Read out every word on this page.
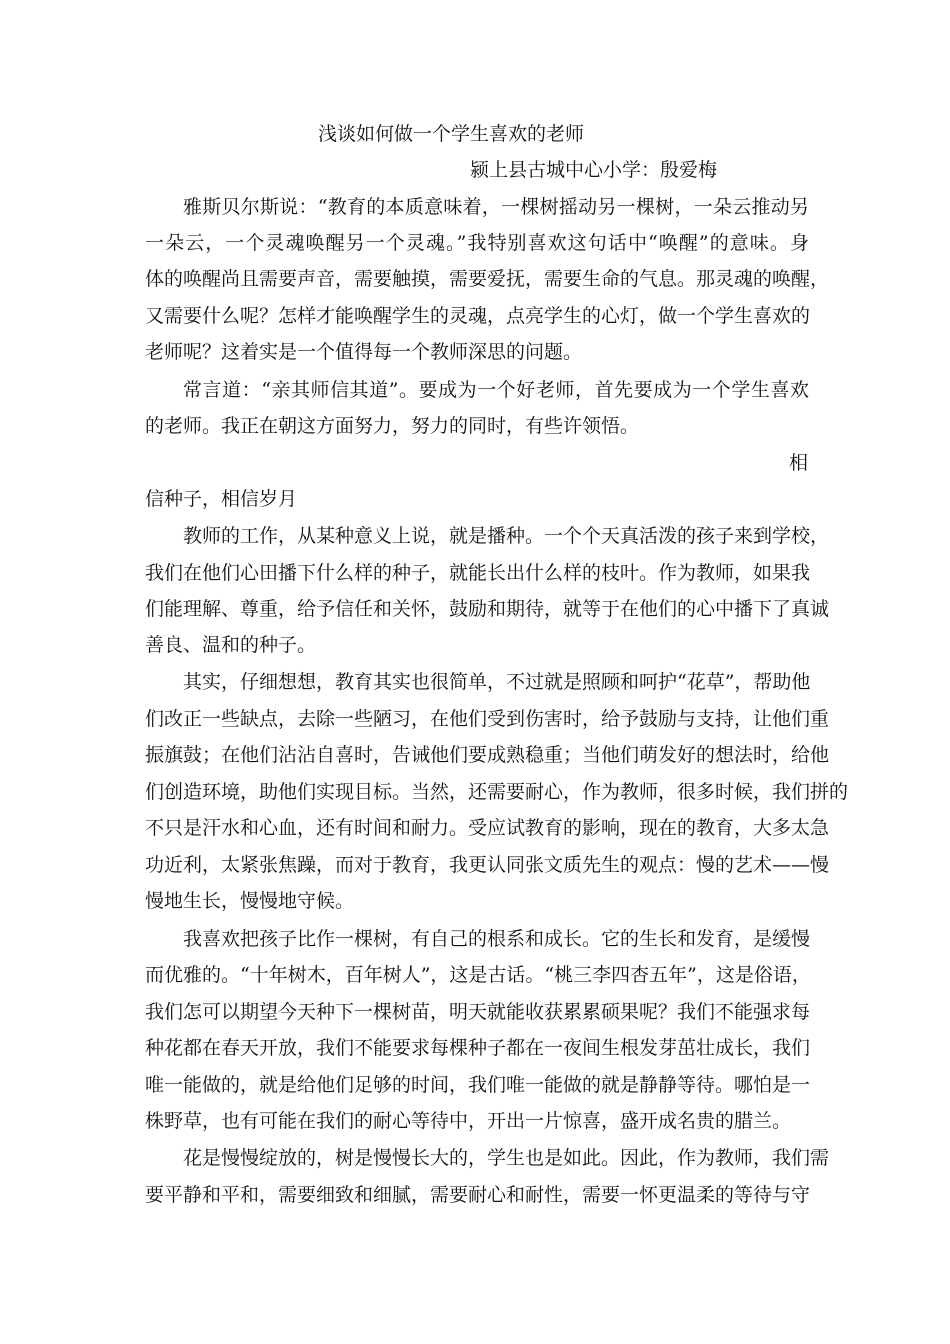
浅谈如何做一个学生喜欢的老师
颍上县古城中心小学：殷爱梅
雅斯贝尔斯说：“教育的本质意味着，一棵树摇动另一棵树，一朵云推动另
一朵云，一个灵魂唤醒另一个灵魂。”我特别喜欢这句话中“唤醒”的意味。身
体的唤醒尚且需要声音，需要触摸，需要爱抚，需要生命的气息。那灵魂的唤醒，
又需要什么呢？怎样才能唤醒学生的灵魂，点亮学生的心灯，做一个学生喜欢的
老师呢？这着实是一个值得每一个教师深思的问题。
常言道：“亲其师信其道”。要成为一个好老师，首先要成为一个学生喜欢
的老师。我正在朝这方面努力，努力的同时，有些许领悟。
相
信种子，相信岁月
教师的工作，从某种意义上说，就是播种。一个个天真活泼的孩子来到学校，
我们在他们心田播下什么样的种子，就能长出什么样的枝叶。作为教师，如果我
们能理解、尊重，给予信任和关怀，鼓励和期待，就等于在他们的心中播下了真诚
善良、温和的种子。
其实，仔细想想，教育其实也很简单，不过就是照顾和呵护“花草”，帮助他
们改正一些缺点，去除一些陋习，在他们受到伤害时，给予鼓励与支持，让他们重
振旗鼓；在他们沾沾自喜时，告诫他们要成熟稳重；当他们萌发好的想法时，给他
们创造环境，助他们实现目标。当然，还需要耐心，作为教师，很多时候，我们拼的
不只是汗水和心血，还有时间和耐力。受应试教育的影响，现在的教育，大多太急
功近利，太紧张焦躁，而对于教育，我更认同张文质先生的观点：慢的艺术——慢
慢地生长，慢慢地守候。
我喜欢把孩子比作一棵树，有自己的根系和成长。它的生长和发育，是缓慢
而优雅的。“十年树木，百年树人”，这是古话。“桃三李四杏五年”，这是俗语，
我们怎可以期望今天种下一棵树苗，明天就能收获累累硕果呢？我们不能强求每
种花都在春天开放，我们不能要求每棵种子都在一夜间生根发芽茁壮成长，我们
唯一能做的，就是给他们足够的时间，我们唯一能做的就是静静等待。哪怕是一
株野草，也有可能在我们的耐心等待中，开出一片惊喜，盛开成名贵的腊兰。
花是慢慢绽放的，树是慢慢长大的，学生也是如此。因此，作为教师，我们需
要平静和平和，需要细致和细腻，需要耐心和耐性，需要一怀更温柔的等待与守
